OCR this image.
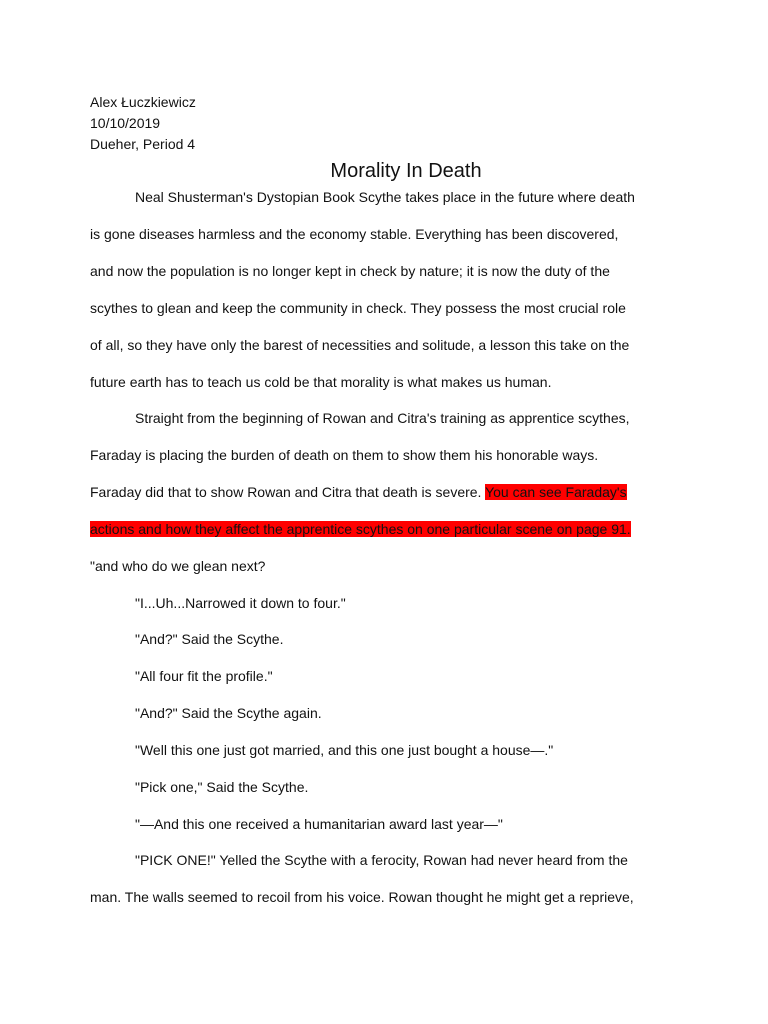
Alex Łuczkiewicz
10/10/2019
Dueher, Period 4
Morality In Death
Neal Shusterman's Dystopian Book Scythe takes place in the future where death
is gone diseases harmless and the economy stable. Everything has been discovered,
and now the population is no longer kept in check by nature; it is now the duty of the
scythes to glean and keep the community in check. They possess the most crucial role
of all, so they have only the barest of necessities and solitude, a lesson this take on the
future earth has to teach us cold be that morality is what makes us human.
Straight from the beginning of Rowan and Citra's training as apprentice scythes,
Faraday is placing the burden of death on them to show them his honorable ways.
Faraday did that to show Rowan and Citra that death is severe. You can see Faraday's
actions and how they affect the apprentice scythes on one particular scene on page 91.
"and who do we glean next?
"I...Uh...Narrowed it down to four."
"And?" Said the Scythe.
"All four fit the profile."
"And?" Said the Scythe again.
"Well this one just got married, and this one just bought a house—."
"Pick one," Said the Scythe.
"—And this one received a humanitarian award last year—"
"PICK ONE!" Yelled the Scythe with a ferocity, Rowan had never heard from the
man. The walls seemed to recoil from his voice. Rowan thought he might get a reprieve,
